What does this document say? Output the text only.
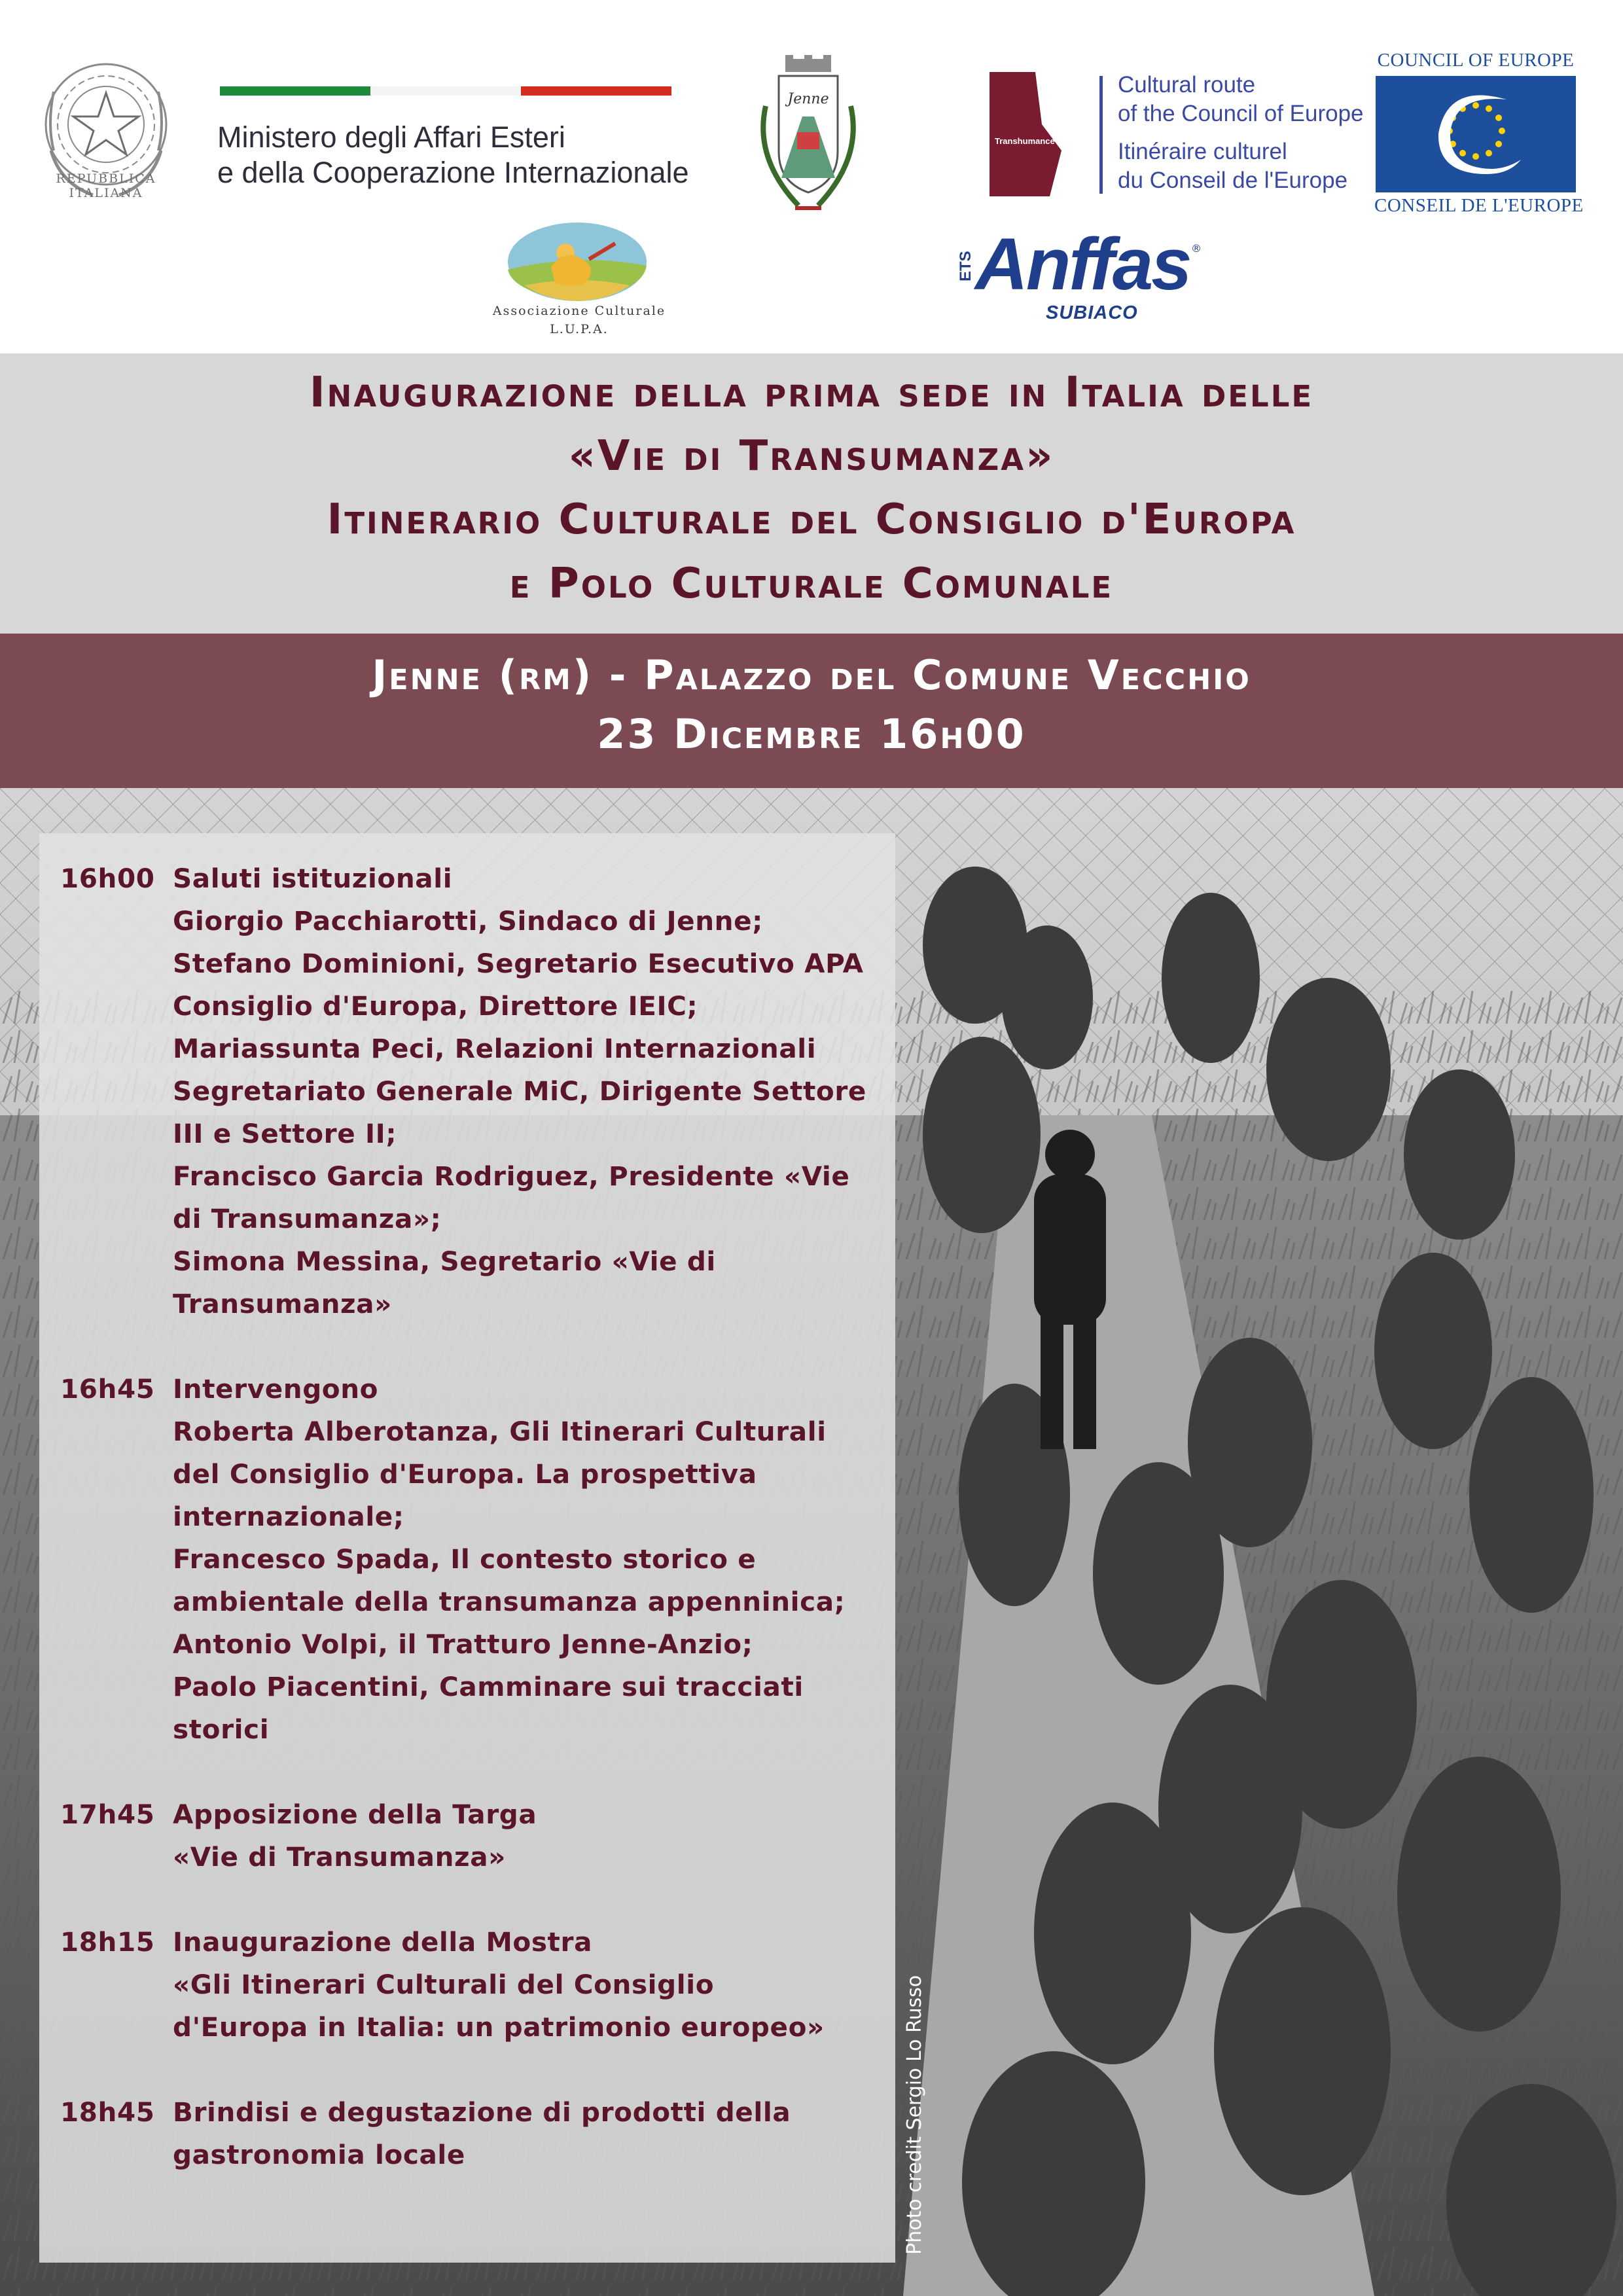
REPUBBLICA ITALIANA
Ministero degli Affari Esteri
e della Cooperazione Internazionale
Jenne
Transhumance Trails
Cultural route
of the Council of Europe
Itinéraire culturel
du Conseil de l'Europe
COUNCIL OF EUROPE
CONSEIL DE L'EUROPE
Associazione Culturale
L.U.P.A.
ETS Anffas ®
SUBIACO
Inaugurazione della prima sede in Italia delle
«Vie di Transumanza»
Itinerario Culturale del Consiglio d'Europa
e Polo Culturale Comunale
Jenne (rm) - Palazzo del Comune Vecchio
23 Dicembre 16h00
Photo credit Sergio Lo Russo
16h00 Saluti istituzionali
Giorgio Pacchiarotti, Sindaco di Jenne;
Stefano Dominioni, Segretario Esecutivo APA
Consiglio d'Europa, Direttore IEIC;
Mariassunta Peci, Relazioni Internazionali
Segretariato Generale MiC, Dirigente Settore
III e Settore II;
Francisco Garcia Rodriguez, Presidente «Vie
di Transumanza»;
Simona Messina, Segretario «Vie di
Transumanza»
16h45 Intervengono
Roberta Alberotanza, Gli Itinerari Culturali
del Consiglio d'Europa. La prospettiva
internazionale;
Francesco Spada, Il contesto storico e
ambientale della transumanza appenninica;
Antonio Volpi, il Tratturo Jenne-Anzio;
Paolo Piacentini, Camminare sui tracciati
storici
17h45 Apposizione della Targa
«Vie di Transumanza»
18h15 Inaugurazione della Mostra
«Gli Itinerari Culturali del Consiglio
d'Europa in Italia: un patrimonio europeo»
18h45 Brindisi e degustazione di prodotti della
gastronomia locale
